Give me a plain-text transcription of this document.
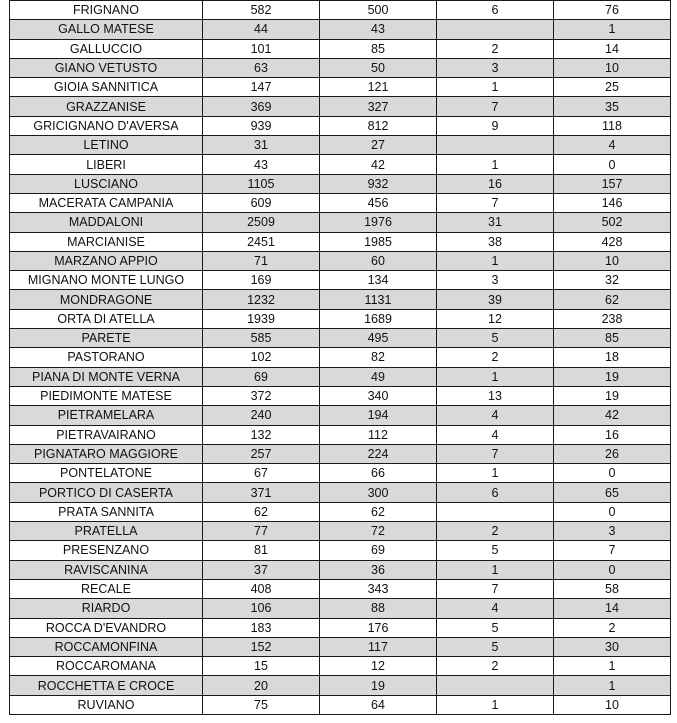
FRIGNANO	582	500	6	76
GALLO MATESE	44	43		1
GALLUCCIO	101	85	2	14
GIANO VETUSTO	63	50	3	10
GIOIA SANNITICA	147	121	1	25
GRAZZANISE	369	327	7	35
GRICIGNANO D'AVERSA	939	812	9	118
LETINO	31	27		4
LIBERI	43	42	1	0
LUSCIANO	1105	932	16	157
MACERATA CAMPANIA	609	456	7	146
MADDALONI	2509	1976	31	502
MARCIANISE	2451	1985	38	428
MARZANO APPIO	71	60	1	10
MIGNANO MONTE LUNGO	169	134	3	32
MONDRAGONE	1232	1131	39	62
ORTA DI ATELLA	1939	1689	12	238
PARETE	585	495	5	85
PASTORANO	102	82	2	18
PIANA DI MONTE VERNA	69	49	1	19
PIEDIMONTE MATESE	372	340	13	19
PIETRAMELARA	240	194	4	42
PIETRAVAIRANO	132	112	4	16
PIGNATARO MAGGIORE	257	224	7	26
PONTELATONE	67	66	1	0
PORTICO DI CASERTA	371	300	6	65
PRATA SANNITA	62	62		0
PRATELLA	77	72	2	3
PRESENZANO	81	69	5	7
RAVISCANINA	37	36	1	0
RECALE	408	343	7	58
RIARDO	106	88	4	14
ROCCA D'EVANDRO	183	176	5	2
ROCCAMONFINA	152	117	5	30
ROCCAROMANA	15	12	2	1
ROCCHETTA E CROCE	20	19		1
RUVIANO	75	64	1	10
